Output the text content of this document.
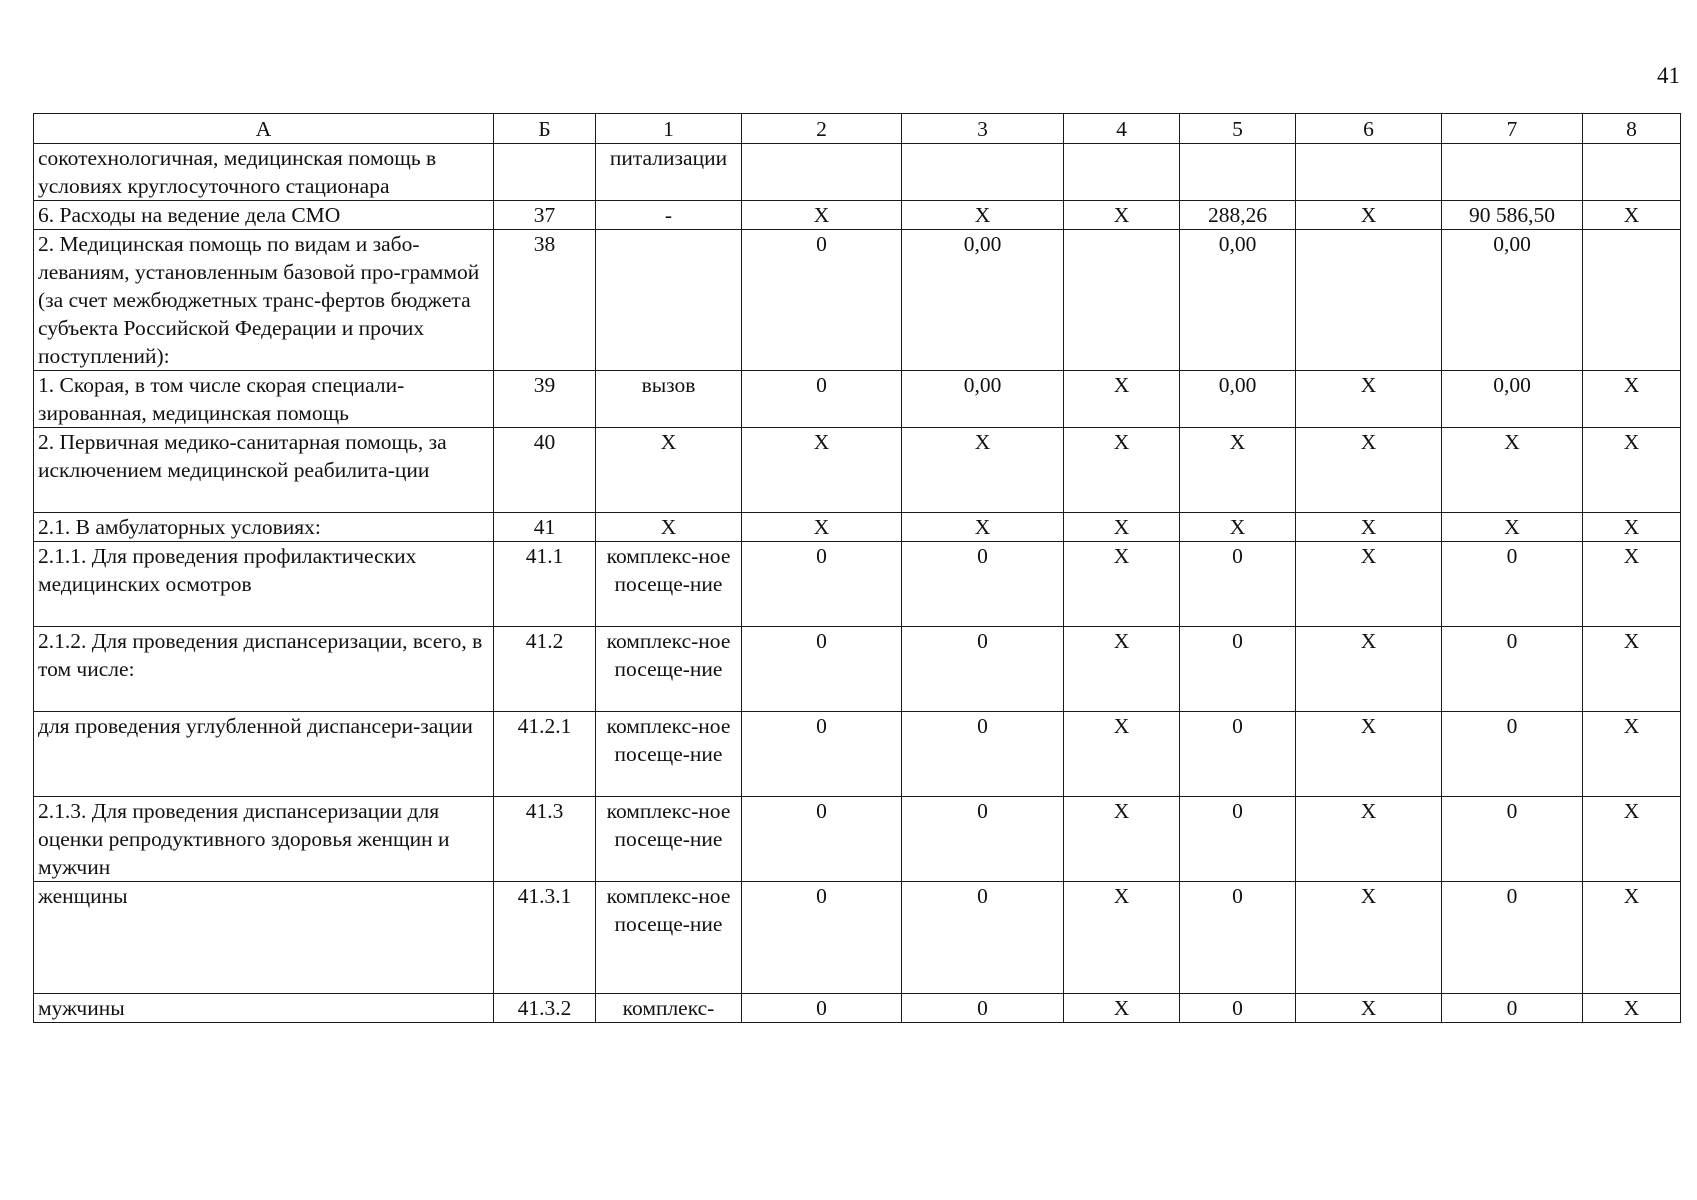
41
А	Б	1	2	3	4	5	6	7	8
сокотехнологичная, медицинская помощь в условиях круглосуточного стационара		питализации							
6. Расходы на ведение дела СМО	37	-	X	X	X	288,26	X	90 586,50	X
2. Медицинская помощь по видам и забо-леваниям, установленным базовой про-граммой (за счет межбюджетных транс-фертов бюджета субъекта Российской Федерации и прочих поступлений):	38		0	0,00		0,00		0,00	
1. Скорая, в том числе скорая специали-зированная, медицинская помощь	39	вызов	0	0,00	X	0,00	X	0,00	X
2. Первичная медико-санитарная помощь, за исключением медицинской реабилита-ции	40	X	X	X	X	X	X	X	X
2.1. В амбулаторных условиях:	41	X	X	X	X	X	X	X	X
2.1.1. Для проведения профилактических медицинских осмотров	41.1	комплекс-ное посеще-ние	0	0	X	0	X	0	X
2.1.2. Для проведения диспансеризации, всего, в том числе:	41.2	комплекс-ное посеще-ние	0	0	X	0	X	0	X
для проведения углубленной диспансери-зации	41.2.1	комплекс-ное посеще-ние	0	0	X	0	X	0	X
2.1.3. Для проведения диспансеризации для оценки репродуктивного здоровья женщин и мужчин	41.3	комплекс-ное посеще-ние	0	0	X	0	X	0	X
женщины	41.3.1	комплекс-ное посеще-ние	0	0	X	0	X	0	X
мужчины	41.3.2	комплекс-	0	0	X	0	X	0	X
